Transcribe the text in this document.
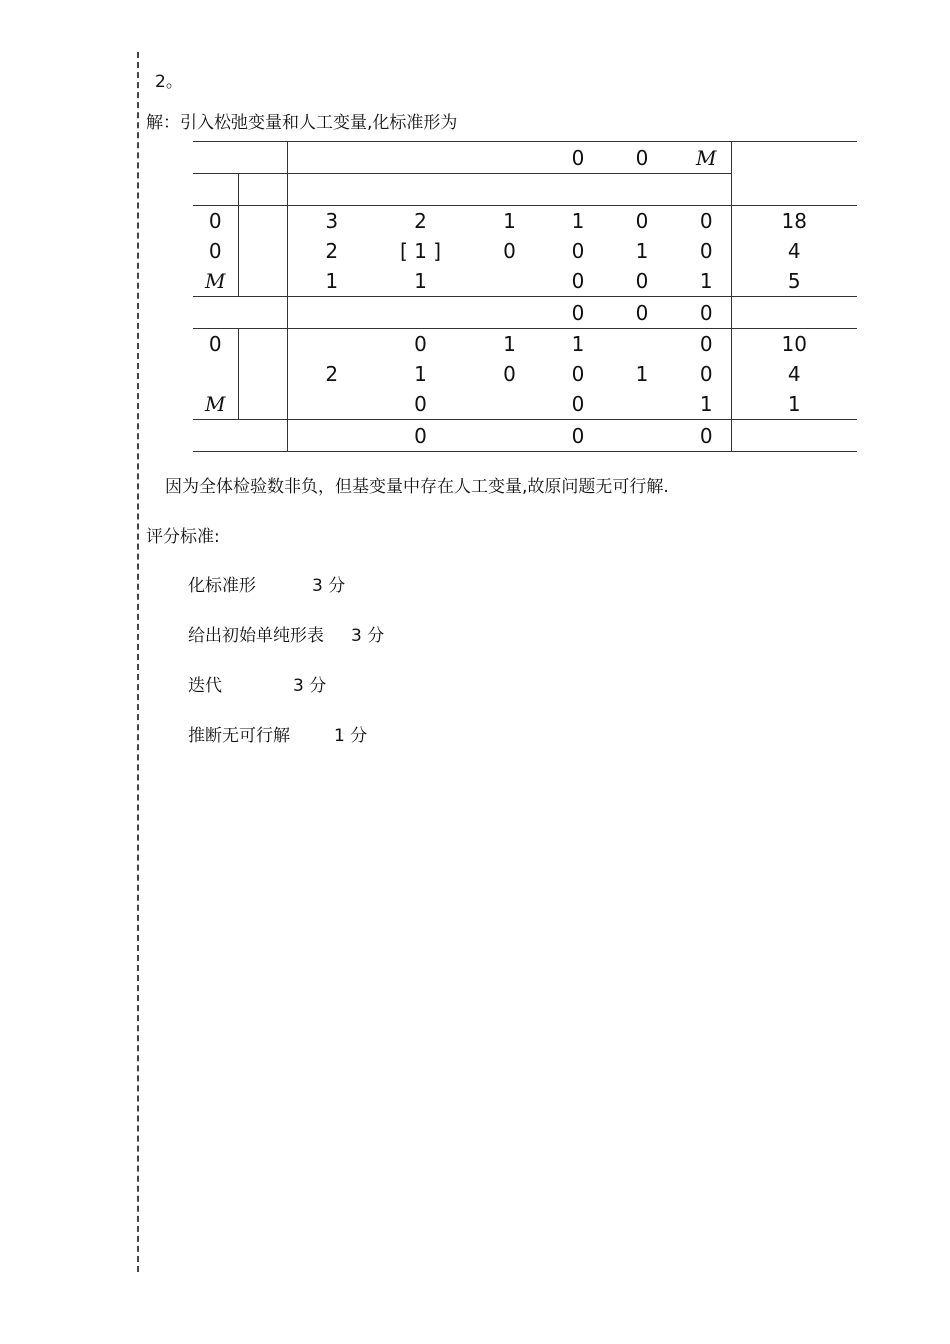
2。
解：引入松弛变量和人工变量,化标准形为
					0	0	M	

0		3	2	1	1	0	0	18
0		2	[ 1 ]	0	0	1	0	4
M		1	1		0	0	1	5
					0	0	0	
0			0	1	1		0	10
		2	1	0	0	1	0	4
M			0		0		1	1
			0		0		0	
因为全体检验数非负，但基变量中存在人工变量,故原问题无可行解.
评分标准:
化标准形	3 分
给出初始单纯形表 3 分
迭代	3 分
推断无可行解	1 分
